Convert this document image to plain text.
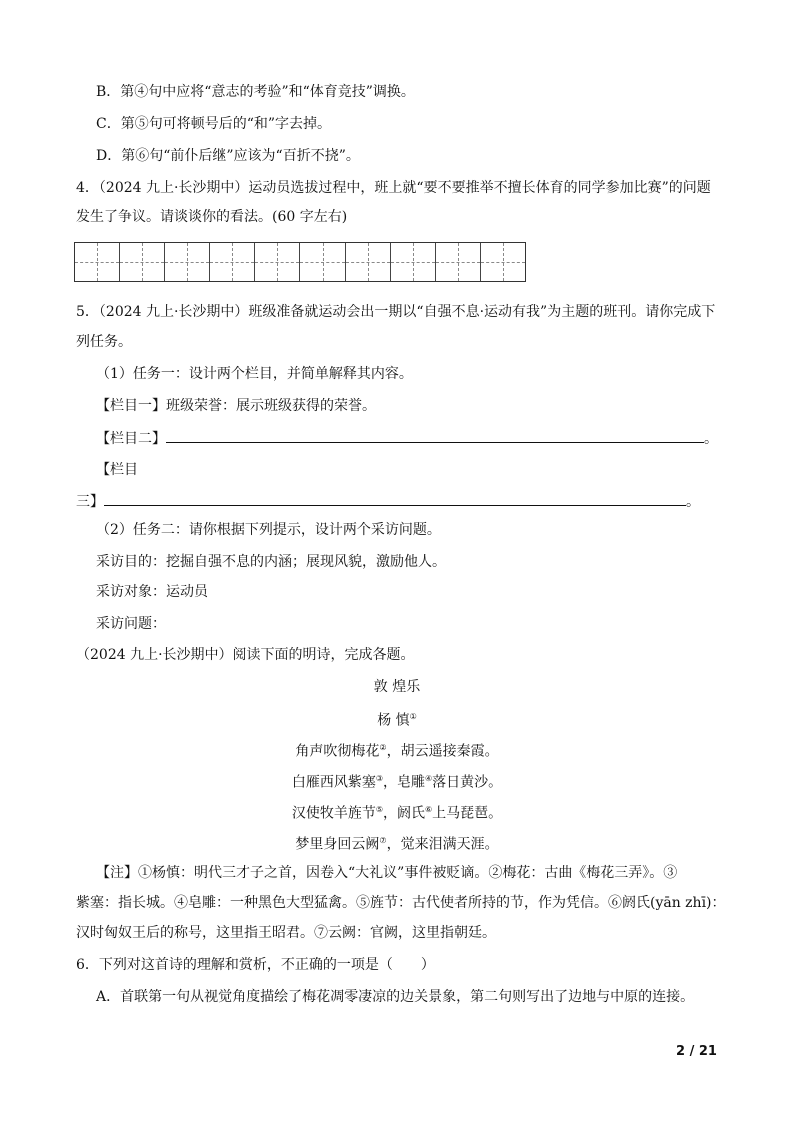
B．第④句中应将“意志的考验”和“体育竞技”调换。
C．第⑤句可将顿号后的“和”字去掉。
D．第⑥句“前仆后继”应该为“百折不挠”。
4．（2024 九上·长沙期中）运动员选拔过程中，班上就“要不要推举不擅长体育的同学参加比赛”的问题
发生了争议。请谈谈你的看法。(60 字左右)
5．（2024 九上·长沙期中）班级准备就运动会出一期以“自强不息·运动有我”为主题的班刊。请你完成下
列任务。
（1）任务一：设计两个栏目，并简单解释其内容。
【栏目一】班级荣誉：展示班级获得的荣誉。
【栏目二】	。
【栏目
三】	。
（2）任务二：请你根据下列提示，设计两个采访问题。
采访目的：挖掘自强不息的内涵；展现风貌，激励他人。
采访对象：运动员
采访问题：
（2024 九上·长沙期中）阅读下面的明诗，完成各题。
敦 煌乐
杨 慎①
角声吹彻梅花②，胡云遥接秦霞。
白雁西风紫塞③，皂雕④落日黄沙。
汉使牧羊旌节⑤，阏氏⑥上马琵琶。
梦里身回云阙⑦，觉来泪满天涯。
【注】①杨慎：明代三才子之首，因卷入“大礼议”事件被贬谪。②梅花：古曲《梅花三弄》。③
紫塞：指长城。④皂雕：一种黑色大型猛禽。⑤旌节：古代使者所持的节，作为凭信。⑥阏氏(yān zhī)：
汉时匈奴王后的称号，这里指王昭君。⑦云阙：官阙，这里指朝廷。
6．下列对这首诗的理解和赏析，不正确的一项是（　　）
A．首联第一句从视觉角度描绘了梅花凋零凄凉的边关景象，第二句则写出了边地与中原的连接。
2 / 21
